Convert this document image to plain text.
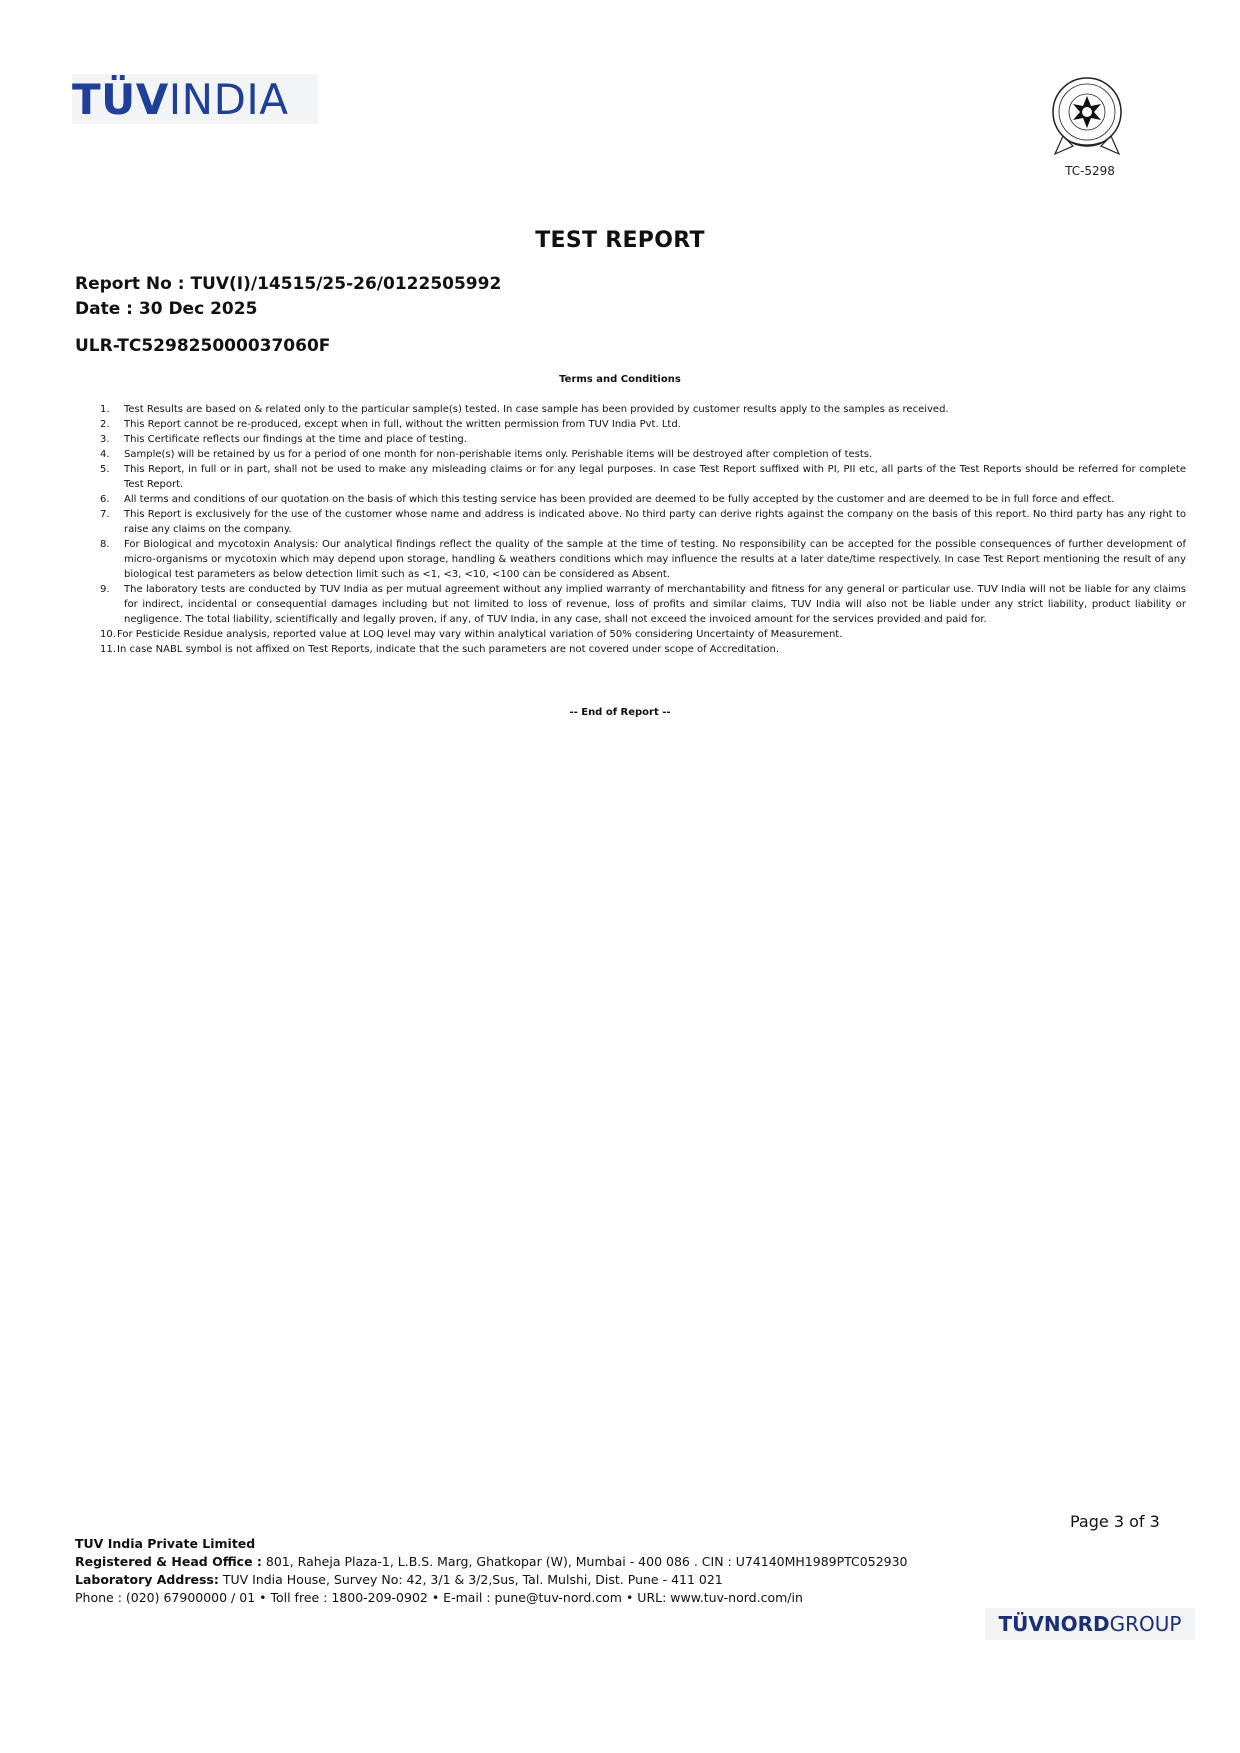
TÜV INDIA
TC-5298
TEST REPORT
Report No : TUV(I)/14515/25-26/0122505992
Date : 30 Dec 2025
ULR-TC529825000037060F
Terms and Conditions
1.	Test Results are based on & related only to the particular sample(s) tested. In case sample has been provided by customer results apply to the samples as received.
2.	This Report cannot be re-produced, except when in full, without the written permission from TUV India Pvt. Ltd.
3.	This Certificate reflects our findings at the time and place of testing.
4.	Sample(s) will be retained by us for a period of one month for non-perishable items only. Perishable items will be destroyed after completion of tests.
5.	This Report, in full or in part, shall not be used to make any misleading claims or for any legal purposes. In case Test Report suffixed with PI, PII etc, all parts of the Test Reports should be referred for complete Test Report.
6.	All terms and conditions of our quotation on the basis of which this testing service has been provided are deemed to be fully accepted by the customer and are deemed to be in full force and effect.
7.	This Report is exclusively for the use of the customer whose name and address is indicated above. No third party can derive rights against the company on the basis of this report. No third party has any right to raise any claims on the company.
8.	For Biological and mycotoxin Analysis: Our analytical findings reflect the quality of the sample at the time of testing. No responsibility can be accepted for the possible consequences of further development of micro-organisms or mycotoxin which may depend upon storage, handling & weathers conditions which may influence the results at a later date/time respectively. In case Test Report mentioning the result of any biological test parameters as below detection limit such as <1, <3, <10, <100 can be considered as Absent.
9.	The laboratory tests are conducted by TUV India as per mutual agreement without any implied warranty of merchantability and fitness for any general or particular use. TUV India will not be liable for any claims for indirect, incidental or consequential damages including but not limited to loss of revenue, loss of profits and similar claims, TUV India will also not be liable under any strict liability, product liability or negligence. The total liability, scientifically and legally proven, if any, of TUV India, in any case, shall not exceed the invoiced amount for the services provided and paid for.
10. For Pesticide Residue analysis, reported value at LOQ level may vary within analytical variation of 50% considering Uncertainty of Measurement.
11. In case NABL symbol is not affixed on Test Reports, indicate that the such parameters are not covered under scope of Accreditation.
-- End of Report --
Page 3 of 3
TUV India Private Limited
Registered & Head Office : 801, Raheja Plaza-1, L.B.S. Marg, Ghatkopar (W), Mumbai - 400 086 . CIN : U74140MH1989PTC052930
Laboratory Address: TUV India House, Survey No: 42, 3/1 & 3/2,Sus, Tal. Mulshi, Dist. Pune - 411 021
Phone : (020) 67900000 / 01 • Toll free : 1800-209-0902 • E-mail : pune@tuv-nord.com • URL: www.tuv-nord.com/in
TÜV NORD GROUP
